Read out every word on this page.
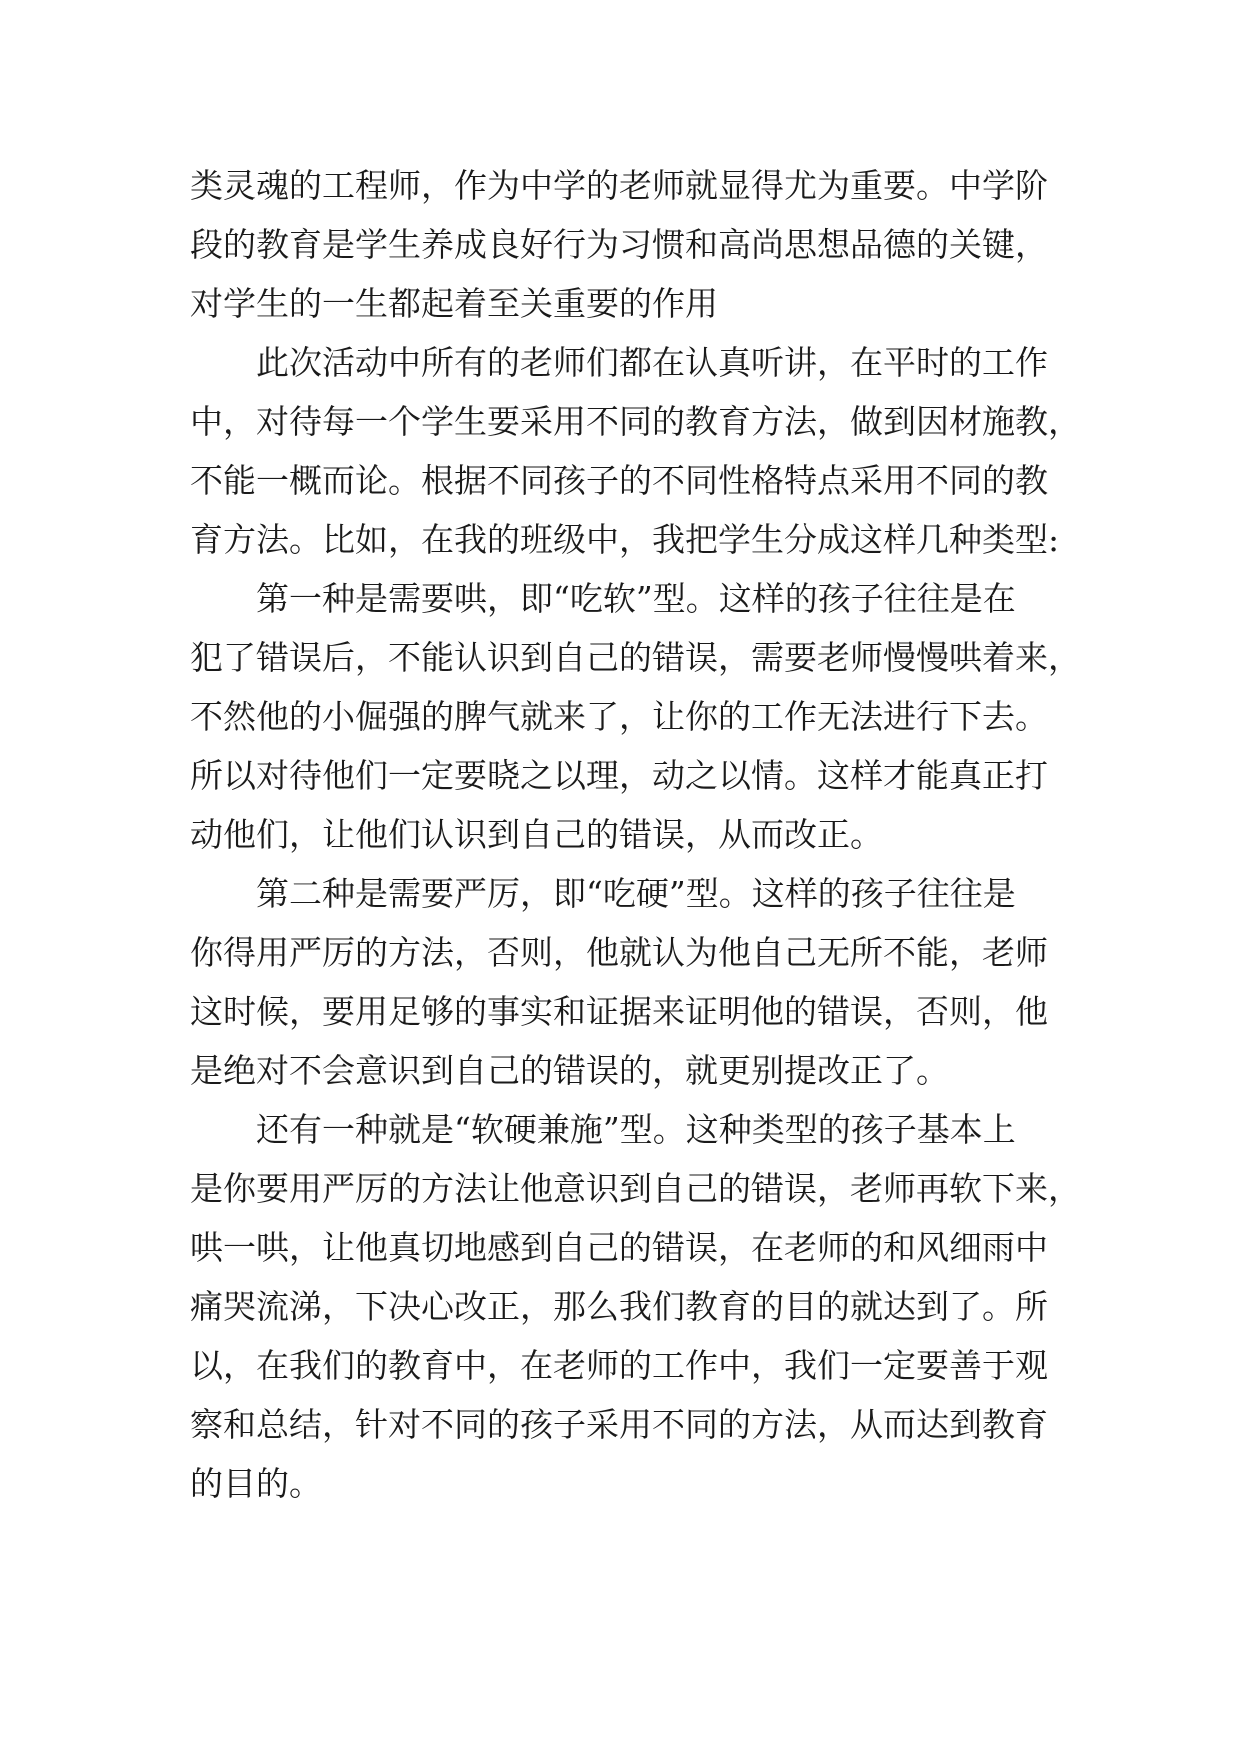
类灵魂的工程师，作为中学的老师就显得尤为重要。中学阶
段的教育是学生养成良好行为习惯和高尚思想品德的关键，
对学生的一生都起着至关重要的作用
此次活动中所有的老师们都在认真听讲，在平时的工作
中，对待每一个学生要采用不同的教育方法，做到因材施教，
不能一概而论。根据不同孩子的不同性格特点采用不同的教
育方法。比如，在我的班级中，我把学生分成这样几种类型:
第一种是需要哄，即“吃软”型。这样的孩子往往是在
犯了错误后，不能认识到自己的错误，需要老师慢慢哄着来，
不然他的小倔强的脾气就来了，让你的工作无法进行下去。
所以对待他们一定要晓之以理，动之以情。这样才能真正打
动他们，让他们认识到自己的错误，从而改正。
第二种是需要严厉，即“吃硬”型。这样的孩子往往是
你得用严厉的方法，否则，他就认为他自己无所不能，老师
这时候，要用足够的事实和证据来证明他的错误，否则，他
是绝对不会意识到自己的错误的，就更别提改正了。
还有一种就是“软硬兼施”型。这种类型的孩子基本上
是你要用严厉的方法让他意识到自己的错误，老师再软下来，
哄一哄，让他真切地感到自己的错误，在老师的和风细雨中
痛哭流涕，下决心改正，那么我们教育的目的就达到了。所
以，在我们的教育中，在老师的工作中，我们一定要善于观
察和总结，针对不同的孩子采用不同的方法，从而达到教育
的目的。
